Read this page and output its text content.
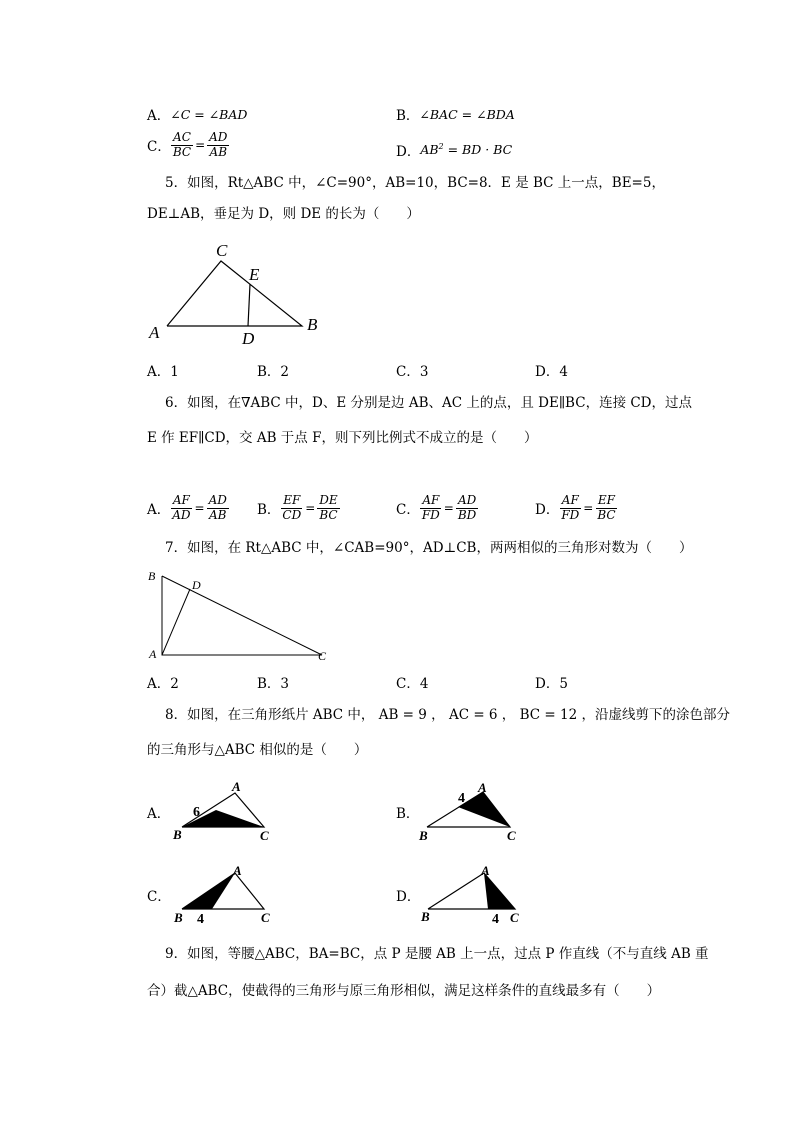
A． ∠C = ∠BAD	B． ∠BAC = ∠BDA
C． $\frac{AC}{BC} = \frac{AD}{AB}$	D． $AB^2$ = BD · BC
5．如图，Rt△ABC 中，∠C=90°，AB=10，BC=8．E 是 BC 上一点，BE=5，
DE⊥AB，垂足为 D，则 DE 的长为（　　）
C
E
A	D
B
A．1	B．2	C．3	D．4
6．如图，在∇ABC 中，D、E 分别是边 AB、AC 上的点，且 DE∥BC，连接 CD，过点
E 作 EF∥CD，交 AB 于点 F，则下列比例式不成立的是（　　）
A． $\frac{AF}{AD} = \frac{AD}{AB}$ B． $\frac{EF}{CD} = \frac{DE}{BC}$	C． $\frac{AF}{FD} = \frac{AD}{BD}$	D． $\frac{AF}{FD} = \frac{EF}{BC}$
7．如图，在 Rt△ABC 中，∠CAB=90°，AD⊥CB，两两相似的三角形对数为（　　）
B
D
A	C
A．2	B．3	C．4	D．5
8．如图，在三角形纸片 ABC 中， AB = 9 ， AC = 6 ， BC = 12 ，沿虚线剪下的涂色部分
的三角形与△ABC 相似的是（　　）
A．
A
B	C
6	B．
A
B	C
4
C．
A
B	C
4
D．
A
B	C
4
9．如图，等腰△ABC，BA=BC，点 P 是腰 AB 上一点，过点 P 作直线（不与直线 AB 重
合）截△ABC，使截得的三角形与原三角形相似，满足这样条件的直线最多有（　　）
